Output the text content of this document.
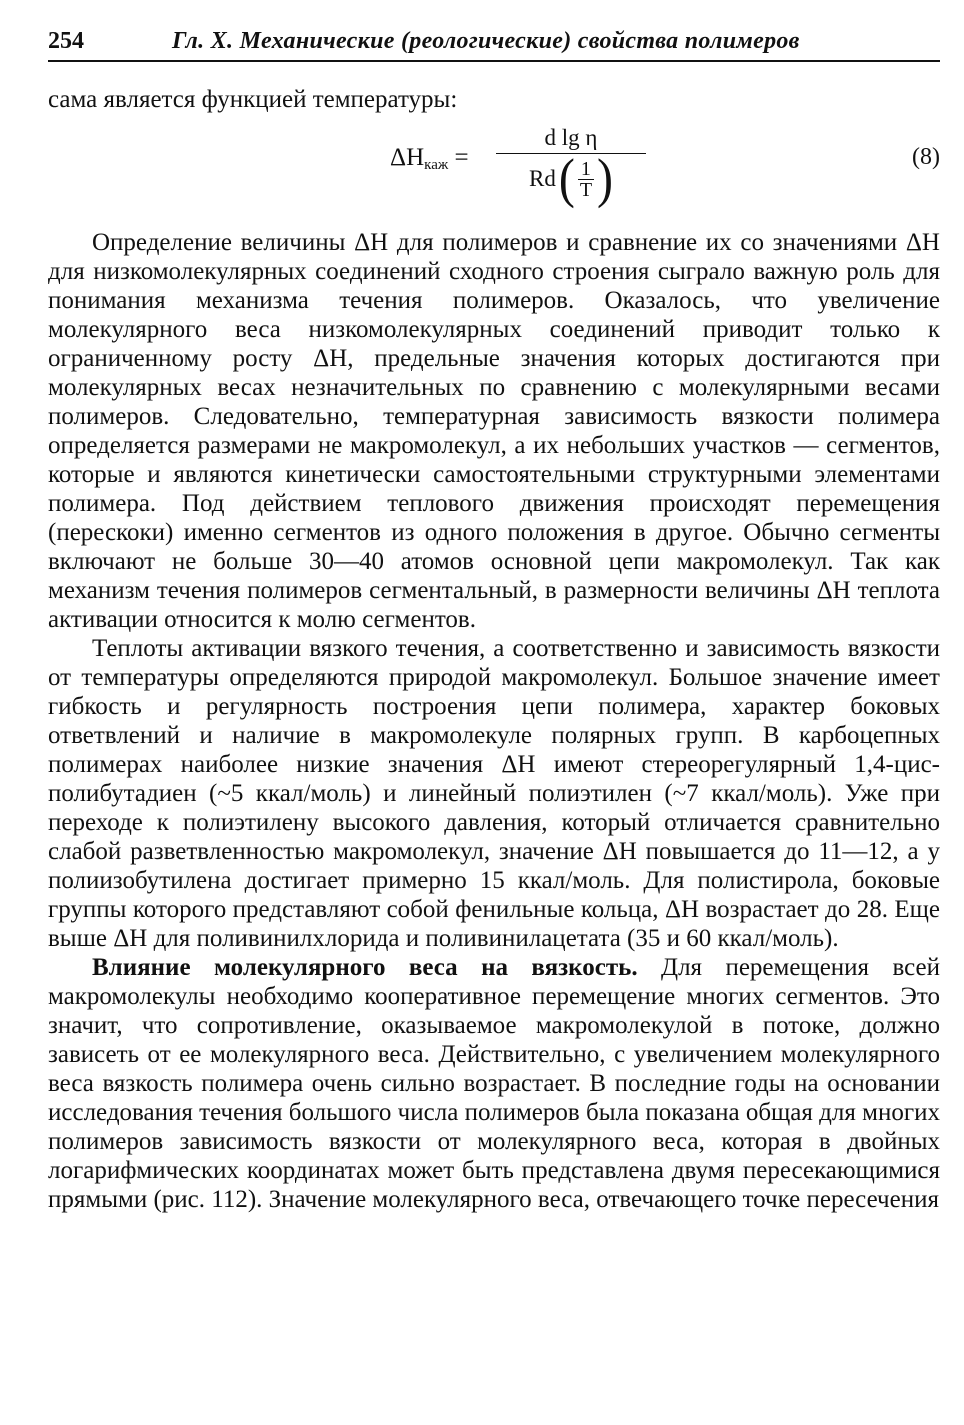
254	Гл. X. Механические (реологические) свойства полимеров

сама является функцией температуры:

$\Delta H_{каж}$ =
d lg η
Rd ( $\frac{1}{T}$ )	(8)

Определение величины ΔH для полимеров и сравнение их со значениями ΔH для низкомолекулярных соединений сходного строения сыграло важную роль для понимания механизма течения полимеров. Оказалось, что увеличение молекулярного веса низкомолекулярных соединений приводит только к ограниченному росту ΔH, предельные значения которых достигаются при молекулярных весах незначительных по сравнению с молекулярными весами полимеров. Следовательно, температурная зависимость вязкости полимера определяется размерами не макромолекул, а их небольших участков — сегментов, которые и являются кинетически самостоятельными структурными элементами полимера. Под действием теплового движения происходят перемещения (перескоки) именно сегментов из одного положения в другое. Обычно сегменты включают не больше 30—40 атомов основной цепи макромолекул. Так как механизм течения полимеров сегментальный, в размерности величины ΔH теплота активации относится к молю сегментов.

Теплоты активации вязкого течения, а соответственно и зависимость вязкости от температуры определяются природой макромолекул. Большое значение имеет гибкость и регулярность построения цепи полимера, характер боковых ответвлений и наличие в макромолекуле полярных групп. В карбоцепных полимерах наиболее низкие значения ΔH имеют стереорегулярный 1,4-цис-полибутадиен (~5 ккал/моль) и линейный полиэтилен (~7 ккал/моль). Уже при переходе к полиэтилену высокого давления, который отличается сравнительно слабой разветвленностью макромолекул, значение ΔH повышается до 11—12, а у полиизобутилена достигает примерно 15 ккал/моль. Для полистирола, боковые группы которого представляют собой фенильные кольца, ΔH возрастает до 28. Еще выше ΔH для поливинилхлорида и поливинилацетата (35 и 60 ккал/моль).

Влияние молекулярного веса на вязкость. Для перемещения всей макромолекулы необходимо кооперативное перемещение многих сегментов. Это значит, что сопротивление, оказываемое макромолекулой в потоке, должно зависеть от ее молекулярного веса. Действительно, с увеличением молекулярного веса вязкость полимера очень сильно возрастает. В последние годы на основании исследования течения большого числа полимеров была показана общая для многих полимеров зависимость вязкости от молекулярного веса, которая в двойных логарифмических координатах может быть представлена двумя пересекающимися прямыми (рис. 112). Значение молекулярного веса, отвечающего точке пересечения
